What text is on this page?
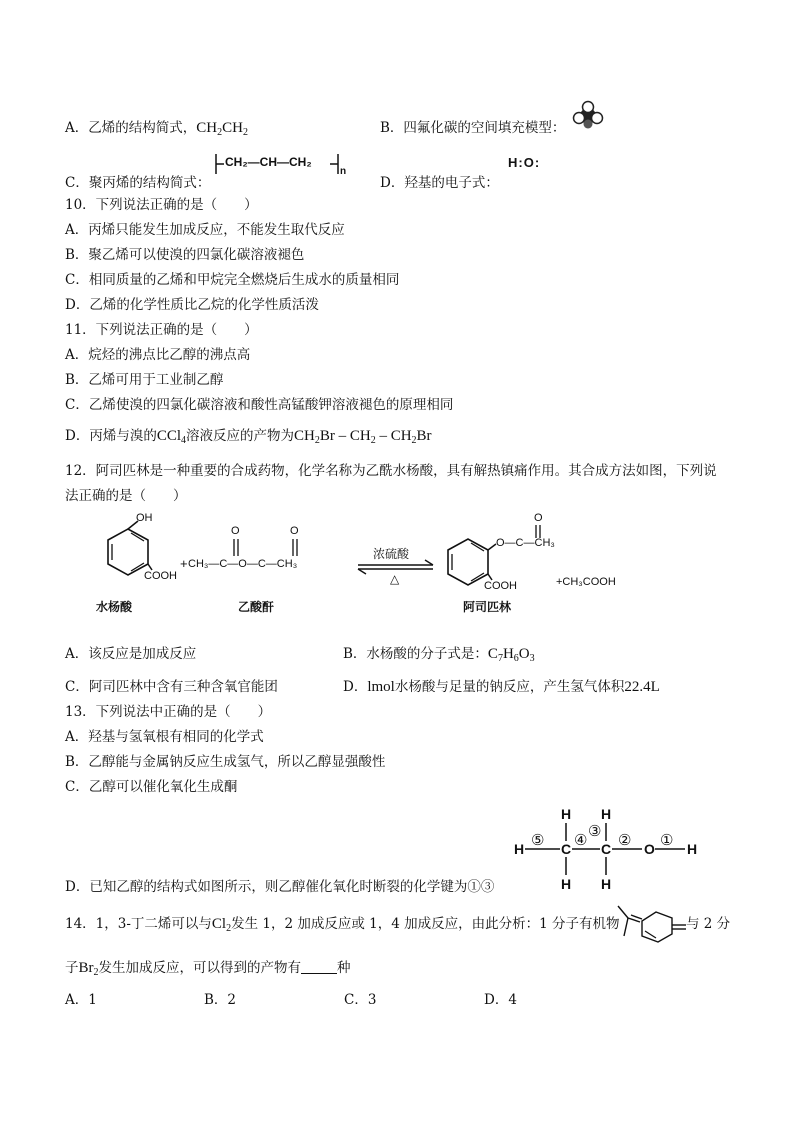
A．乙烯的结构简式，$CH_2CH_2$	B．四氟化碳的空间填充模型：
C．聚丙烯的结构简式：
CH₂—CH—CH₂
n
D．羟基的电子式：
H:O:
10．下列说法正确的是（　　）
A．丙烯只能发生加成反应，不能发生取代反应
B．聚乙烯可以使溴的四氯化碳溶液褪色
C．相同质量的乙烯和甲烷完全燃烧后生成水的质量相同
D．乙烯的化学性质比乙烷的化学性质活泼
11．下列说法正确的是（　　）
A．烷烃的沸点比乙醇的沸点高
B．乙烯可用于工业制乙醇
C．乙烯使溴的四氯化碳溶液和酸性高锰酸钾溶液褪色的原理相同
D．丙烯与溴的CCl$_4$溶液反应的产物为$CH_2Br - CH_2 - CH_2Br$
12．阿司匹林是一种重要的合成药物，化学名称为乙酰水杨酸，具有解热镇痛作用。其合成方法如图，下列说
法正确的是（　　）
OH
COOH
+
O	O
CH₃—C—O—C—CH₃
浓硫酸
△
O
O—C—CH₃
COOH	+CH₃COOH
水杨酸	乙酸酐	阿司匹林
A．该反应是加成反应	B．水杨酸的分子式是：$C_7H_6O_3$
C．阿司匹林中含有三种含氧官能团	D．lmol水杨酸与足量的钠反应，产生氢气体积22.4L
13．下列说法中正确的是（　　）
A．羟基与氢氧根有相同的化学式
B．乙醇能与金属钠反应生成氢气，所以乙醇显强酸性
C．乙醇可以催化氧化生成酮
H H
H	C C O H
H H
⑤ ④
③
② ①
D．已知乙醇的结构式如图所示，则乙醇催化氧化时断裂的化学键为①③
14．1，3-丁二烯可以与$Cl_2$发生 1，2 加成反应或 1，4 加成反应，由此分析：1 分子有机物	与 2 分
子$Br_2$发生加成反应，可以得到的产物有	种
A．1	B．2	C．3	D．4
